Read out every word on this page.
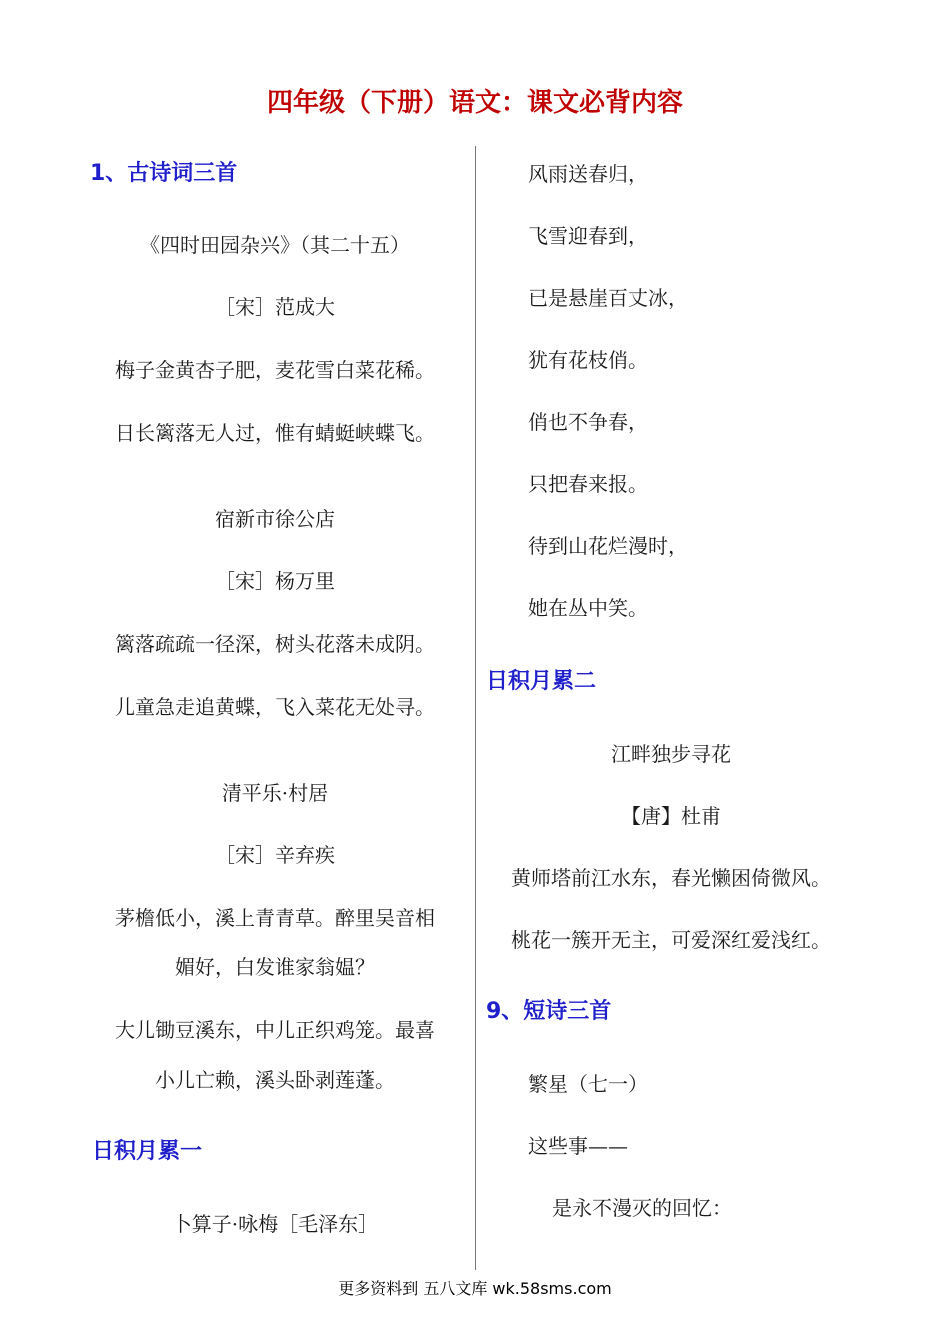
四年级（下册）语文：课文必背内容
1、古诗词三首
《四时田园杂兴》（其二十五）
［宋］范成大
梅子金黄杏子肥，麦花雪白菜花稀。
日长篱落无人过，惟有蜻蜓峡蝶飞。
宿新市徐公店
［宋］杨万里
篱落疏疏一径深，树头花落未成阴。
儿童急走追黄蝶，飞入菜花无处寻。
清平乐·村居
［宋］辛弃疾
茅檐低小，溪上青青草。醉里吴音相
媚好，白发谁家翁媪？
大儿锄豆溪东，中儿正织鸡笼。最喜
小儿亡赖，溪头卧剥莲蓬。
日积月累一
卜算子·咏梅［毛泽东］
风雨送春归，
飞雪迎春到，
已是悬崖百丈冰，
犹有花枝俏。
俏也不争春，
只把春来报。
待到山花烂漫时，
她在丛中笑。
日积月累二
江畔独步寻花
【唐】杜甫
黄师塔前江水东，春光懒困倚微风。
桃花一簇开无主，可爱深红爱浅红。
9、短诗三首
繁星（七一）
这些事——
是永不漫灭的回忆：
更多资料到 五八文库 wk.58sms.com
